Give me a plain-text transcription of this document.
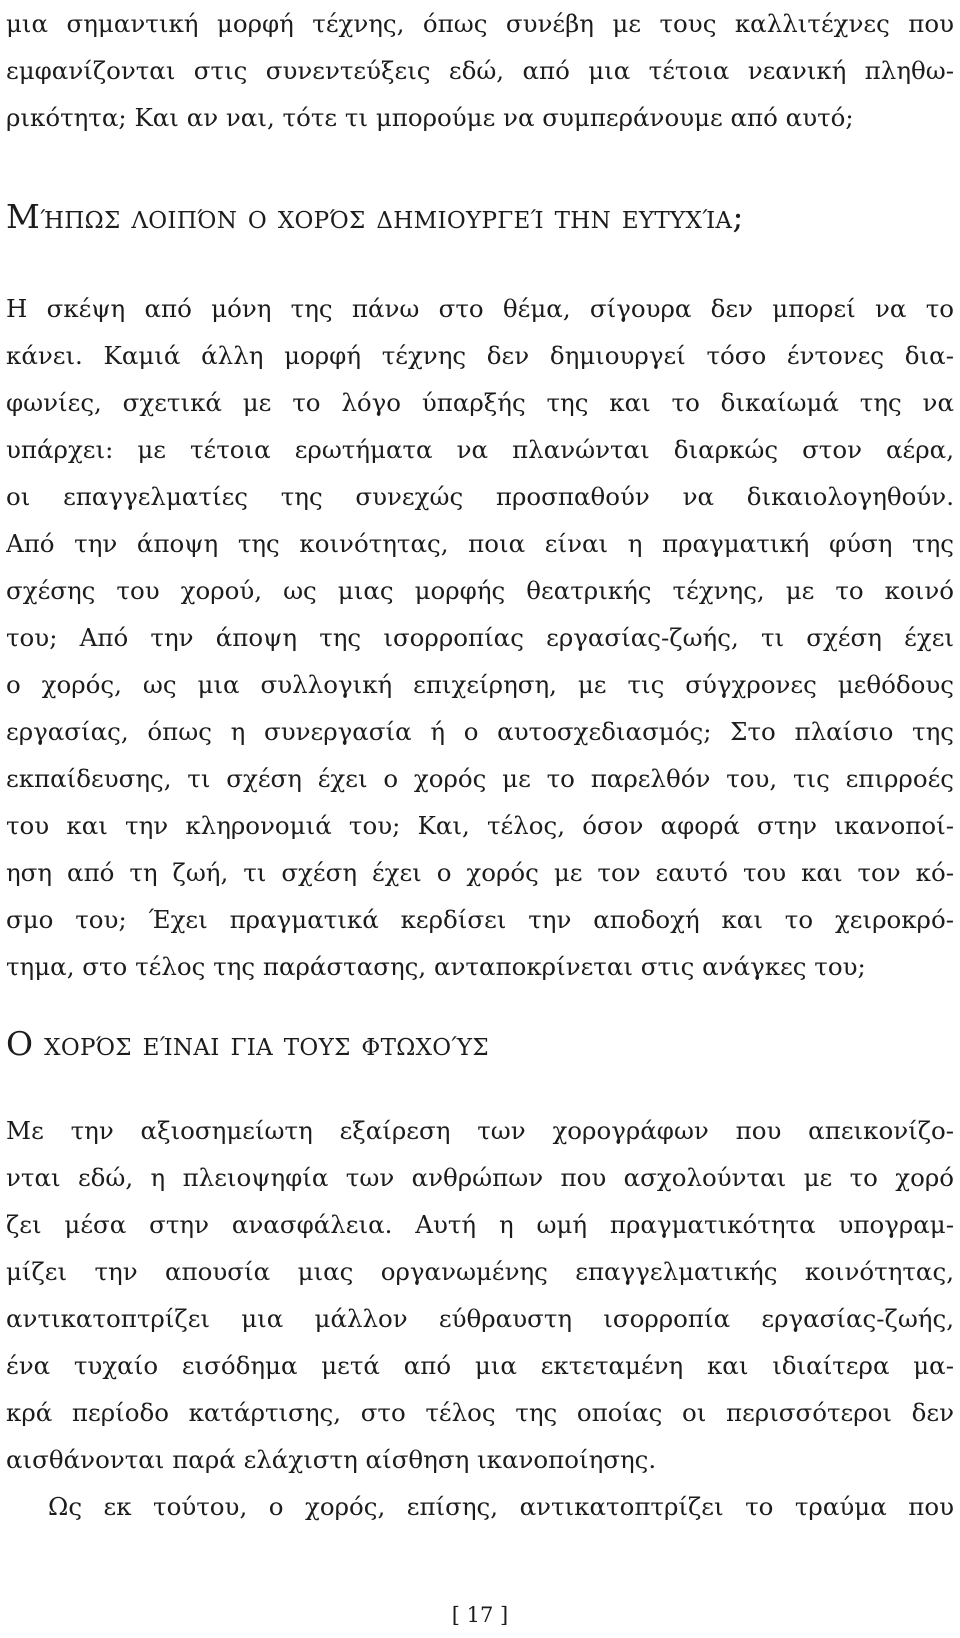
μια σημαντική μορφή τέχνης, όπως συνέβη με τους καλλιτέχνες που
εμφανίζονται στις συνεντεύξεις εδώ, από μια τέτοια νεανική πληθω-
ρικότητα; Και αν ναι, τότε τι μπορούμε να συμπεράνουμε από αυτό;
Μήπως λοιπόν ο χορός δημιουργεί την ευτυχία;
Η σκέψη από μόνη της πάνω στο θέμα, σίγουρα δεν μπορεί να το
κάνει. Καμιά άλλη μορφή τέχνης δεν δημιουργεί τόσο έντονες δια-
φωνίες, σχετικά με το λόγο ύπαρξής της και το δικαίωμά της να
υπάρχει: με τέτοια ερωτήματα να πλανώνται διαρκώς στον αέρα,
οι επαγγελματίες της συνεχώς προσπαθούν να δικαιολογηθούν.
Από την άποψη της κοινότητας, ποια είναι η πραγματική φύση της
σχέσης του χορού, ως μιας μορφής θεατρικής τέχνης, με το κοινό
του; Από την άποψη της ισορροπίας εργασίας-ζωής, τι σχέση έχει
ο χορός, ως μια συλλογική επιχείρηση, με τις σύγχρονες μεθόδους
εργασίας, όπως η συνεργασία ή ο αυτοσχεδιασμός; Στο πλαίσιο της
εκπαίδευσης, τι σχέση έχει ο χορός με το παρελθόν του, τις επιρροές
του και την κληρονομιά του; Και, τέλος, όσον αφορά στην ικανοποί-
ηση από τη ζωή, τι σχέση έχει ο χορός με τον εαυτό του και τον κό-
σμο του; Έχει πραγματικά κερδίσει την αποδοχή και το χειροκρό-
τημα, στο τέλος της παράστασης, ανταποκρίνεται στις ανάγκες του;
Ο χορός είναι για τους φτωχούς
Με την αξιοσημείωτη εξαίρεση των χορογράφων που απεικονίζο-
νται εδώ, η πλειοψηφία των ανθρώπων που ασχολούνται με το χορό
ζει μέσα στην ανασφάλεια. Αυτή η ωμή πραγματικότητα υπογραμ-
μίζει την απουσία μιας οργανωμένης επαγγελματικής κοινότητας,
αντικατοπτρίζει μια μάλλον εύθραυστη ισορροπία εργασίας-ζωής,
ένα τυχαίο εισόδημα μετά από μια εκτεταμένη και ιδιαίτερα μα-
κρά περίοδο κατάρτισης, στο τέλος της οποίας οι περισσότεροι δεν
αισθάνονται παρά ελάχιστη αίσθηση ικανοποίησης.
Ως εκ τούτου, ο χορός, επίσης, αντικατοπτρίζει το τραύμα που
[ 17 ]
